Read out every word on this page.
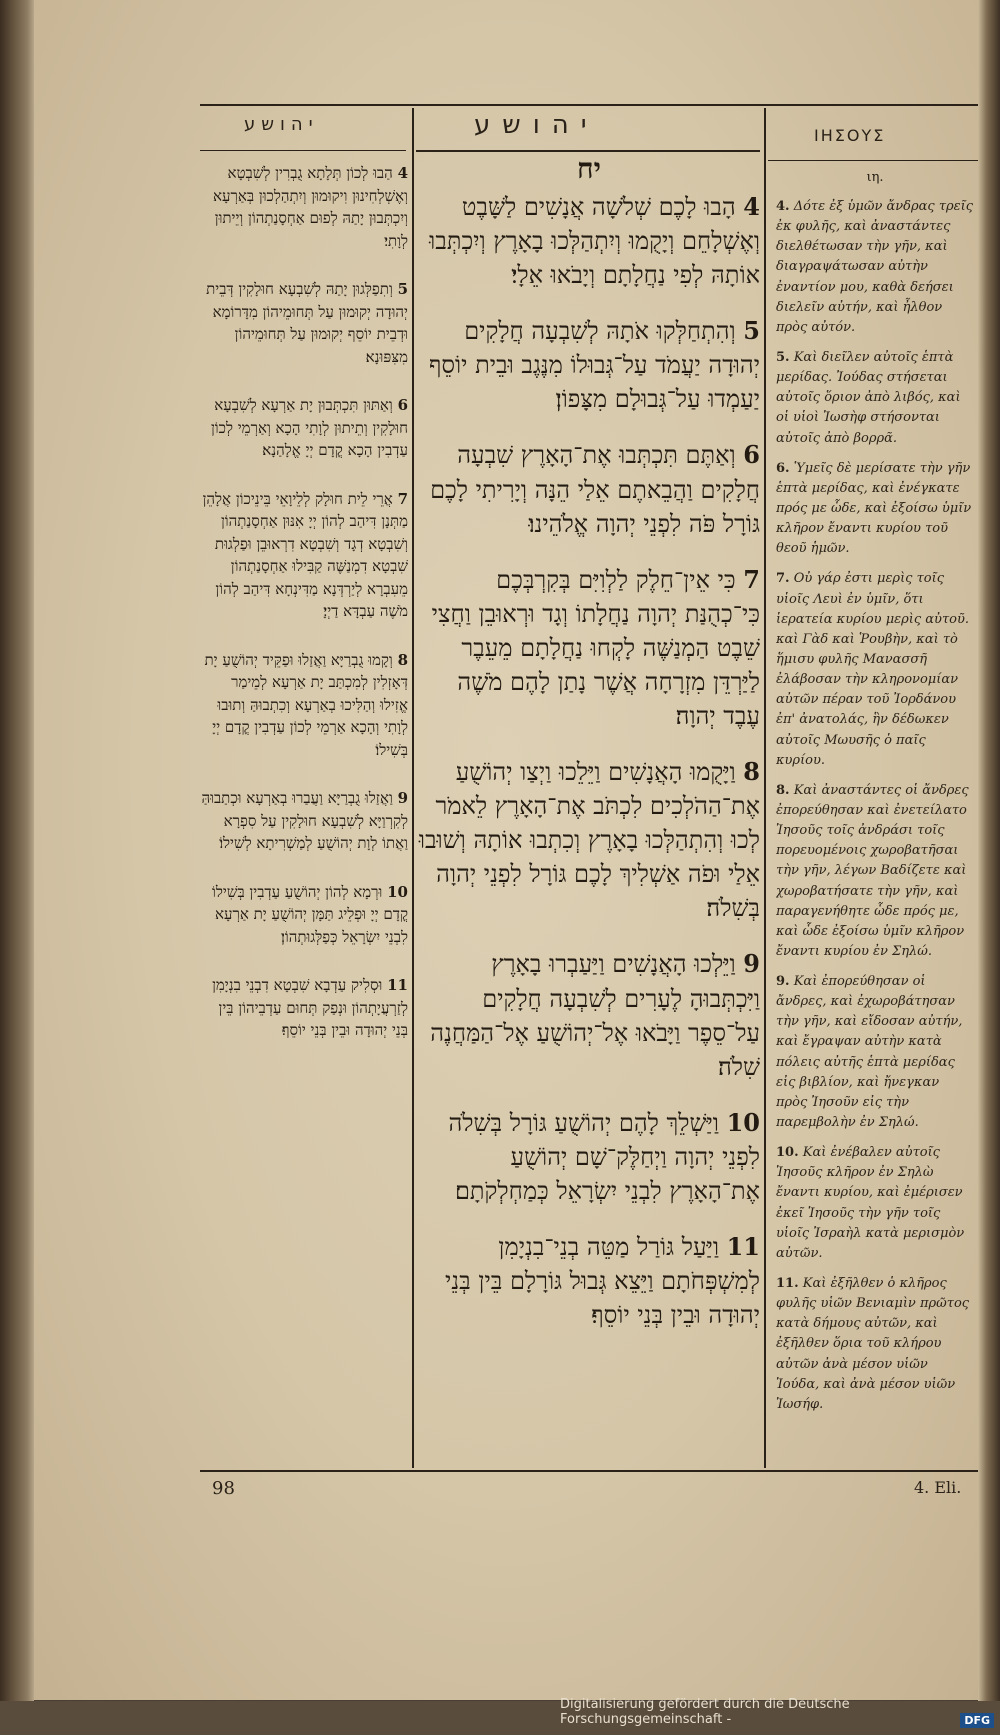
יהושע	יהושע	ΙΗΣΟΥΣ
4 הַבוּ לְכוֹן תְּלָתָא גֻבְרִין לְשִׁבְטָא וְאֶשְׁלְחִינוּן וִיקוּמוּן וְיִתְהַלְכוּן בְּאַרְעָא וְיִכְתְּבוּן יָתַהּ לְפוּם אַחְסָנַתְהוֹן וְיֵיתוּן לְוָתִי׃
5 וְתִפַלְּגוּן יָתַהּ לְשִׁבְעָא חוּלָקִין דְּבֵית יְהוּדָה יְקוּמוּן עַל תְּחוּמֵיהוֹן מִדָּרוֹמָא וּדְבֵית יוֹסֵף יְקוּמוּן עַל תְּחוּמֵיהוֹן מִצִּפּוּנָא׃
6 וְאַתּוּן תִּכְתְּבוּן יָת אַרְעָא לְשִׁבְעָא חוּלָקִין וְתֵיתוּן לְוָתִי הָכָא וְאַרְמֵי לְכוֹן עַדְבִין הָכָא קֳדָם יְיָ אֱלָהַנָא׃
7 אֲרֵי לֵית חוּלָק לְלֵיוָאֵי בֵּינֵיכוֹן אֲלָהֵן מַתְּנָן דִּיהַב לְהוֹן יְיָ אִנּוּן אַחְסָנַתְהוֹן וְשִׁבְטָא דְגָד וְשִׁבְטָא דִרְאוּבֵן וּפַלְגוּת שִׁבְטָא דִמְנַשֶּׁה קַבִּילוּ אַחְסָנַתְהוֹן מֵעִבְרָא לְיַרְדְּנָא מַדִּינְחָא דִּיהַב לְהוֹן מֹשֶׁה עַבְדָּא דַיְיָ׃
8 וְקָמוּ גֻבְרַיָּא וַאֲזַלוּ וּפַקֵּיד יְהוֹשֻׁעַ יָת דְּאָזְלִין לְמִכְתַּב יָת אַרְעָא לְמֵימַר אֱזִילוּ וְהַלִּיכוּ בְאַרְעָא וְכִתְבוּהַּ וְתוּבוּ לְוָתִי וְהָכָא אַרְמֵי לְכוֹן עַדְבִין קֳדָם יְיָ בְּשִׁילוֹ׃
9 וַאֲזַלוּ גֻבְרַיָּא וַעֲבַרוּ בְאַרְעָא וּכְתַבוּהַּ לְקִרְוַיָּא לְשִׁבְעָא חוּלָקִין עַל סִפְרָא וַאֲתוֹ לְוָת יְהוֹשֻׁעַ לְמַשְׁרִיתָא לְשִׁילוֹ׃
10 וּרְמָא לְהוֹן יְהוֹשֻׁעַ עַדְבִין בְּשִׁילוֹ קֳדָם יְיָ וּפְלֵיג תַּמָּן יְהוֹשֻׁעַ יָת אַרְעָא לִבְנֵי יִשְׂרָאֵל כְּפַלְּגוּתְהוֹן׃
11 וּסְלִיק עַדְבָא שִׁבְטָא דִבְנֵי בִנְיָמִן לְזַרְעֲיָתְהוֹן וּנְפַק תְּחוּם עַדְבֵיהוֹן בֵּין בְּנֵי יְהוּדָה וּבֵין בְּנֵי יוֹסֵף׃
יח
4 הָבוּ לָכֶם שְׁלֹשָׁה אֲנָשִׁים לַשָּׁבֶט וְאֶשְׁלָחֵם וְיָקֻמוּ וְיִתְהַלְּכוּ בָאָרֶץ וְיִכְתְּבוּ אוֹתָהּ לְפִי נַחֲלָתָם וְיָבֹאוּ אֵלָי׃
5 וְהִתְחַלְּקוּ אֹתָהּ לְשִׁבְעָה חֲלָקִים יְהוּדָה יַעֲמֹד עַל־גְּבוּלוֹ מִנֶּגֶב וּבֵית יוֹסֵף יַעַמְדוּ עַל־גְּבוּלָם מִצָּפוֹן׃
6 וְאַתֶּם תִּכְתְּבוּ אֶת־הָאָרֶץ שִׁבְעָה חֲלָקִים וַהֲבֵאתֶם אֵלַי הֵנָּה וְיָרִיתִי לָכֶם גּוֹרָל פֹּה לִפְנֵי יְהוָה אֱלֹהֵינוּ׃
7 כִּי אֵין־חֵלֶק לַלְוִיִּם בְּקִרְבְּכֶם כִּי־כְהֻנַּת יְהוָה נַחֲלָתוֹ וְגָד וּרְאוּבֵן וַחֲצִי שֵׁבֶט הַמְנַשֶּׁה לָקְחוּ נַחֲלָתָם מֵעֵבֶר לַיַּרְדֵּן מִזְרָחָה אֲשֶׁר נָתַן לָהֶם מֹשֶׁה עֶבֶד יְהוָה׃
8 וַיָּקֻמוּ הָאֲנָשִׁים וַיֵּלֵכוּ וַיְצַו יְהוֹשֻׁעַ אֶת־הַהֹלְכִים לִכְתֹּב אֶת־הָאָרֶץ לֵאמֹר לְכוּ וְהִתְהַלְּכוּ בָאָרֶץ וְכִתְבוּ אוֹתָהּ וְשׁוּבוּ אֵלַי וּפֹה אַשְׁלִיךְ לָכֶם גּוֹרָל לִפְנֵי יְהוָה בְּשִׁלֹה׃
9 וַיֵּלְכוּ הָאֲנָשִׁים וַיַּעַבְרוּ בָאָרֶץ וַיִּכְתְּבוּהָ לֶעָרִים לְשִׁבְעָה חֲלָקִים עַל־סֵפֶר וַיָּבֹאוּ אֶל־יְהוֹשֻׁעַ אֶל־הַמַּחֲנֶה שִׁלֹה׃
10 וַיַּשְׁלֵךְ לָהֶם יְהוֹשֻׁעַ גּוֹרָל בְּשִׁלֹה לִפְנֵי יְהוָה וַיְחַלֶּק־שָׁם יְהוֹשֻׁעַ אֶת־הָאָרֶץ לִבְנֵי יִשְׂרָאֵל כְּמַחְלְקֹתָם׃
11 וַיַּעַל גּוֹרַל מַטֵּה בְנֵי־בִנְיָמִן לְמִשְׁפְּחֹתָם וַיֵּצֵא גְּבוּל גּוֹרָלָם בֵּין בְּנֵי יְהוּדָה וּבֵין בְּנֵי יוֹסֵף׃
ιη.
4. Δότε ἐξ ὑμῶν ἄνδρας τρεῖς ἐκ φυλῆς, καὶ ἀναστάντες διελθέτωσαν τὴν γῆν, καὶ διαγραψάτωσαν αὐτὴν ἐναντίον μου, καθὰ δεήσει διελεῖν αὐτήν, καὶ ἦλθον πρὸς αὐτόν.
5. Καὶ διεῖλεν αὐτοῖς ἑπτὰ μερίδας. Ἰούδας στήσεται αὐτοῖς ὅριον ἀπὸ λιβός, καὶ οἱ υἱοὶ Ἰωσὴφ στήσονται αὐτοῖς ἀπὸ βορρᾶ.
6. Ὑμεῖς δὲ μερίσατε τὴν γῆν ἑπτὰ μερίδας, καὶ ἐνέγκατε πρός με ὧδε, καὶ ἐξοίσω ὑμῖν κλῆρον ἔναντι κυρίου τοῦ θεοῦ ἡμῶν.
7. Οὐ γάρ ἐστι μερὶς τοῖς υἱοῖς Λευὶ ἐν ὑμῖν, ὅτι ἱερατεία κυρίου μερὶς αὐτοῦ. καὶ Γὰδ καὶ Ῥουβὴν, καὶ τὸ ἥμισυ φυλῆς Μανασσῆ ἐλάβοσαν τὴν κληρονομίαν αὐτῶν πέραν τοῦ Ἰορδάνου ἐπ' ἀνατολάς, ἣν δέδωκεν αὐτοῖς Μωυσῆς ὁ παῖς κυρίου.
8. Καὶ ἀναστάντες οἱ ἄνδρες ἐπορεύθησαν καὶ ἐνετείλατο Ἰησοῦς τοῖς ἀνδράσι τοῖς πορευομένοις χωροβατῆσαι τὴν γῆν, λέγων Βαδίζετε καὶ χωροβατήσατε τὴν γῆν, καὶ παραγενήθητε ὧδε πρός με, καὶ ὧδε ἐξοίσω ὑμῖν κλῆρον ἔναντι κυρίου ἐν Σηλώ.
9. Καὶ ἐπορεύθησαν οἱ ἄνδρες, καὶ ἐχωροβάτησαν τὴν γῆν, καὶ εἴδοσαν αὐτήν, καὶ ἔγραψαν αὐτὴν κατὰ πόλεις αὐτῆς ἑπτὰ μερίδας εἰς βιβλίον, καὶ ἤνεγκαν πρὸς Ἰησοῦν εἰς τὴν παρεμβολὴν ἐν Σηλώ.
10. Καὶ ἐνέβαλεν αὐτοῖς Ἰησοῦς κλῆρον ἐν Σηλὼ ἔναντι κυρίου, καὶ ἐμέρισεν ἐκεῖ Ἰησοῦς τὴν γῆν τοῖς υἱοῖς Ἰσραὴλ κατὰ μερισμὸν αὐτῶν.
11. Καὶ ἐξῆλθεν ὁ κλῆρος φυλῆς υἱῶν Βενιαμὶν πρῶτος κατὰ δήμους αὐτῶν, καὶ ἐξῆλθεν ὅρια τοῦ κλήρου αὐτῶν ἀνὰ μέσον υἱῶν Ἰούδα, καὶ ἀνὰ μέσον υἱῶν Ἰωσήφ.
98	4. Eli.
Digitalisierung gefördert durch die Deutsche Forschungsgemeinschaft -	DFG
